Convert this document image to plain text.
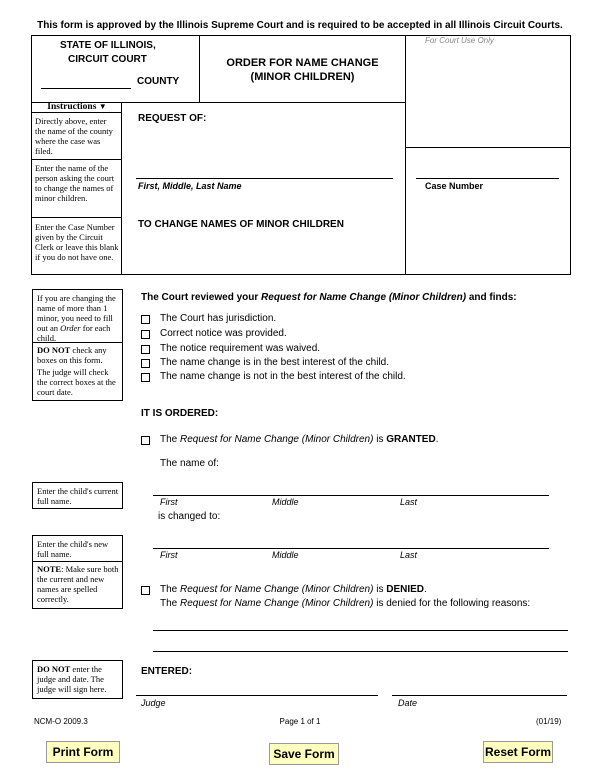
This form is approved by the Illinois Supreme Court and is required to be accepted in all Illinois Circuit Courts.
STATE OF ILLINOIS,
CIRCUIT COURT
COUNTY
ORDER FOR NAME CHANGE
(MINOR CHILDREN)
For Court Use Only
Instructions ▼
Directly above, enter the name of the county where the case was filed.
Enter the name of the person asking the court to change the names of minor children.
Enter the Case Number given by the Circuit Clerk or leave this blank if you do not have one.
REQUEST OF:
First, Middle, Last Name	Case Number
TO CHANGE NAMES OF MINOR CHILDREN
If you are changing the name of more than 1 minor, you need to fill out an Order for each child.
DO NOT check any boxes on this form.
The judge will check the correct boxes at the court date.
Enter the child's current full name.
Enter the child's new full name.
NOTE: Make sure both the current and new names are spelled correctly.
DO NOT enter the judge and date. The judge will sign here.
The Court reviewed your Request for Name Change (Minor Children) and finds:
The Court has jurisdiction.
Correct notice was provided.
The notice requirement was waived.
The name change is in the best interest of the child.
The name change is not in the best interest of the child.
IT IS ORDERED:
The Request for Name Change (Minor Children) is GRANTED.
The name of:
First	Middle	Last
is changed to:
First	Middle	Last
The Request for Name Change (Minor Children) is DENIED.
The Request for Name Change (Minor Children) is denied for the following reasons:
ENTERED:
Judge	Date
NCM-O 2009.3	Page 1 of 1	(01/19)
Print Form	Save Form	Reset Form
